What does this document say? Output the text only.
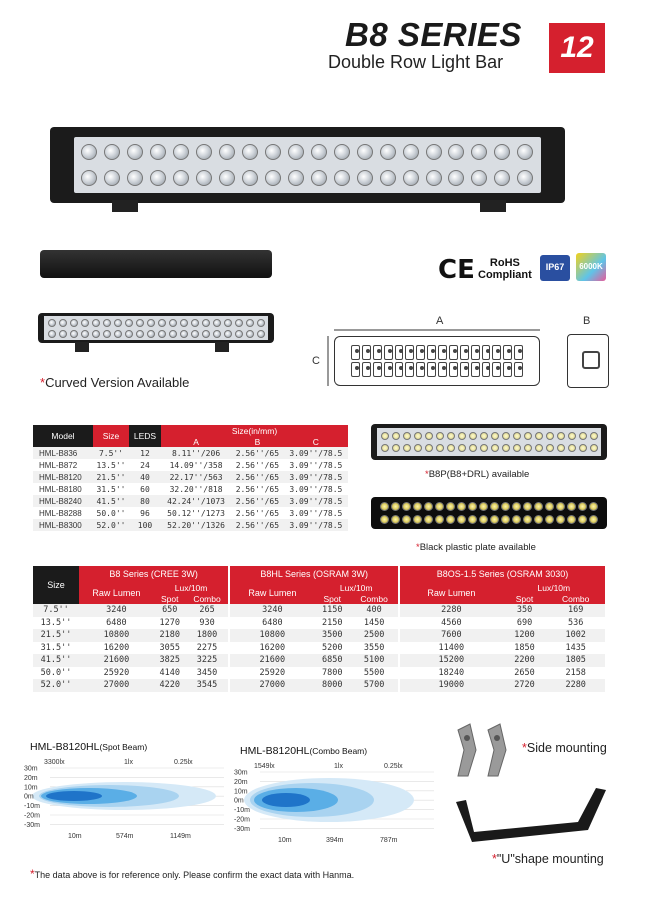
B8 SERIES
Double Row Light Bar	12
*Curved Version Available
CE	RoHS
Compliant
IP67	6000K
A	B
C
Model	Size	LEDS	Size(in/mm)		
			A	B	C
HML-B836	7.5''	12	8.11''/206	2.56''/65	3.09''/78.5
HML-B872	13.5''	24	14.09''/358	2.56''/65	3.09''/78.5
HML-B8120	21.5''	40	22.17''/563	2.56''/65	3.09''/78.5
HML-B8180	31.5''	60	32.20''/818	2.56''/65	3.09''/78.5
HML-B8240	41.5''	80	42.24''/1073	2.56''/65	3.09''/78.5
HML-B8288	50.0''	96	50.12''/1273	2.56''/65	3.09''/78.5
HML-B8300	52.0''	100	52.20''/1326	2.56''/65	3.09''/78.5
*B8P(B8+DRL) available
*Black plastic plate available
Size	B8 Series (CREE 3W)				B8HL Series (OSRAM 3W)				B8OS-1.5 Series (OSRAM 3030)		
	Raw Lumen	Lux/10m			Raw Lumen	Lux/10m			Raw Lumen	Lux/10m	
		Spot	Combo			Spot	Combo			Spot	Combo
7.5''	3240	650	265		3240	1150	400		2280	350	169
13.5''	6480	1270	930		6480	2150	1450		4560	690	536
21.5''	10800	2180	1800		10800	3500	2500		7600	1200	1002
31.5''	16200	3055	2275		16200	5200	3550		11400	1850	1435
41.5''	21600	3825	3225		21600	6850	5100		15200	2200	1805
50.0''	25920	4140	3450		25920	7800	5500		18240	2650	2158
52.0''	27000	4220	3545		27000	8000	5700		19000	2720	2280
HML-B8120HL(Spot Beam)
30m
20m
10m
0m
-10m
-20m
-30m
3300lx	1lx	0.25lx
10m	574m	1149m
HML-B8120HL(Combo Beam)
30m
20m
10m
0m
-10m
-20m
-30m
1549lx	1lx	0.25lx
10m	394m	787m
*Side mounting
*"U"shape mounting
*The data above is for reference only. Please confirm the exact data with Hanma.
